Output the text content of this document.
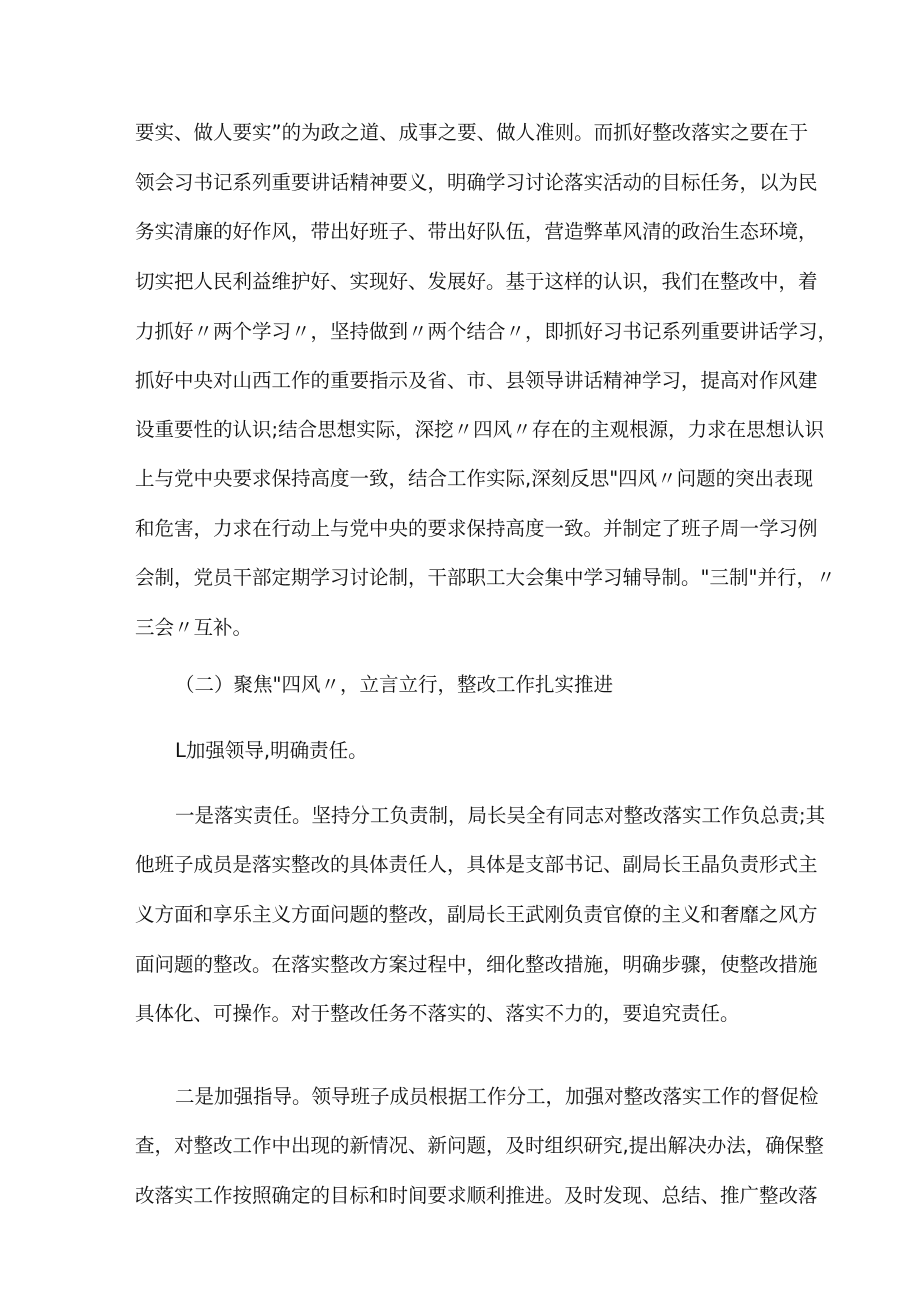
要实、做人要实”的为政之道、成事之要、做人准则。而抓好整改落实之要在于
领会习书记系列重要讲话精神要义，明确学习讨论落实活动的目标任务，以为民
务实清廉的好作风，带出好班子、带出好队伍，营造弊革风清的政治生态环境，
切实把人民利益维护好、实现好、发展好。基于这样的认识，我们在整改中，着
力抓好〃两个学习〃，坚持做到〃两个结合〃，即抓好习书记系列重要讲话学习，
抓好中央对山西工作的重要指示及省、市、县领导讲话精神学习，提高对作风建
设重要性的认识;结合思想实际，深挖〃四风〃存在的主观根源，力求在思想认识
上与党中央要求保持高度一致，结合工作实际,深刻反思"四风〃问题的突出表现
和危害，力求在行动上与党中央的要求保持高度一致。并制定了班子周一学习例
会制，党员干部定期学习讨论制，干部职工大会集中学习辅导制。"三制"并行，〃
三会〃互补。
（二）聚焦"四风〃，立言立行，整改工作扎实推进
L加强领导,明确责任。
一是落实责任。坚持分工负责制，局长吴全有同志对整改落实工作负总责;其
他班子成员是落实整改的具体责任人，具体是支部书记、副局长王晶负责形式主
义方面和享乐主义方面问题的整改，副局长王武刚负责官僚的主义和奢靡之风方
面问题的整改。在落实整改方案过程中，细化整改措施，明确步骤，使整改措施
具体化、可操作。对于整改任务不落实的、落实不力的，要追究责任。
二是加强指导。领导班子成员根据工作分工，加强对整改落实工作的督促检
查，对整改工作中出现的新情况、新问题，及时组织研究,提出解决办法，确保整
改落实工作按照确定的目标和时间要求顺利推进。及时发现、总结、推广整改落
